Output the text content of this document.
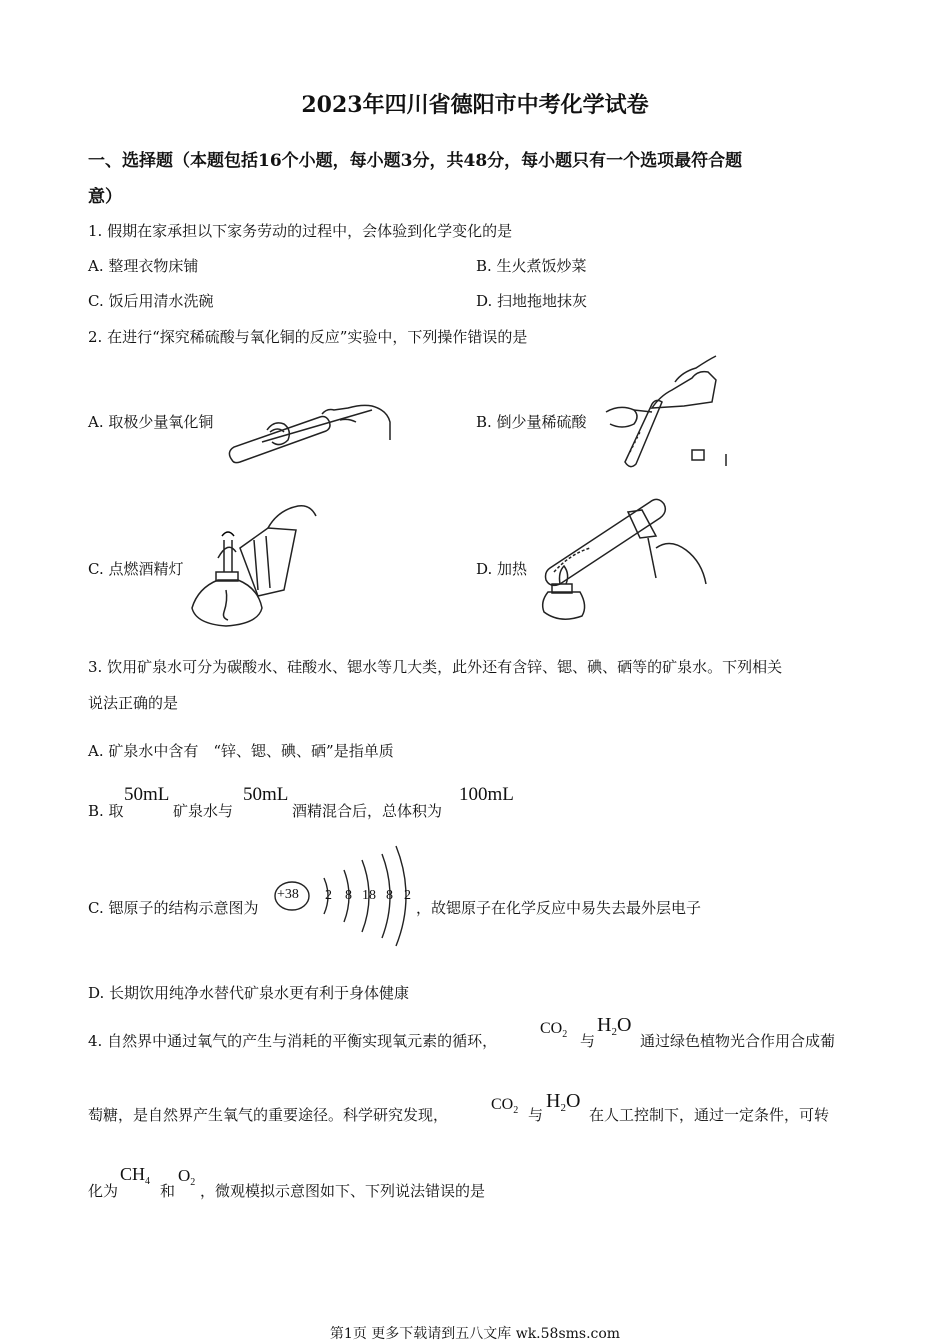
2023年四川省德阳市中考化学试卷
一、选择题（本题包括16个小题，每小题3分，共48分，每小题只有一个选项最符合题
意）
1. 假期在家承担以下家务劳动的过程中，会体验到化学变化的是
A. 整理衣物床铺	B. 生火煮饭炒菜
C. 饭后用清水洗碗	D. 扫地拖地抹灰
2. 在进行“探究稀硫酸与氧化铜的反应”实验中，下列操作错误的是
A. 取极少量氧化铜	B. 倒少量稀硫酸
C. 点燃酒精灯	D. 加热
3. 饮用矿泉水可分为碳酸水、硅酸水、锶水等几大类，此外还有含锌、锶、碘、硒等的矿泉水。下列相关
说法正确的是
A. 矿泉水中含有　“锌、锶、碘、硒”是指单质
B. 取
50mL
矿泉水与
50mL
酒精混合后，总体积为
100mL
C. 锶原子的结构示意图为
+38 2 8 18 8 2
，故锶原子在化学反应中易失去最外层电子
D. 长期饮用纯净水替代矿泉水更有利于身体健康
4. 自然界中通过氧气的产生与消耗的平衡实现氧元素的循环，
$CO_2$ 与
$H_2O$
通过绿色植物光合作用合成葡
萄糖，是自然界产生氧气的重要途径。科学研究发现，
$CO_2$ 与
$H_2O$
在人工控制下，通过一定条件，可转
化为
$CH_4$
和
$O_2$ ，微观模拟示意图如下、下列说法错误的是
第1页 更多下载请到五八文库 wk.58sms.com
